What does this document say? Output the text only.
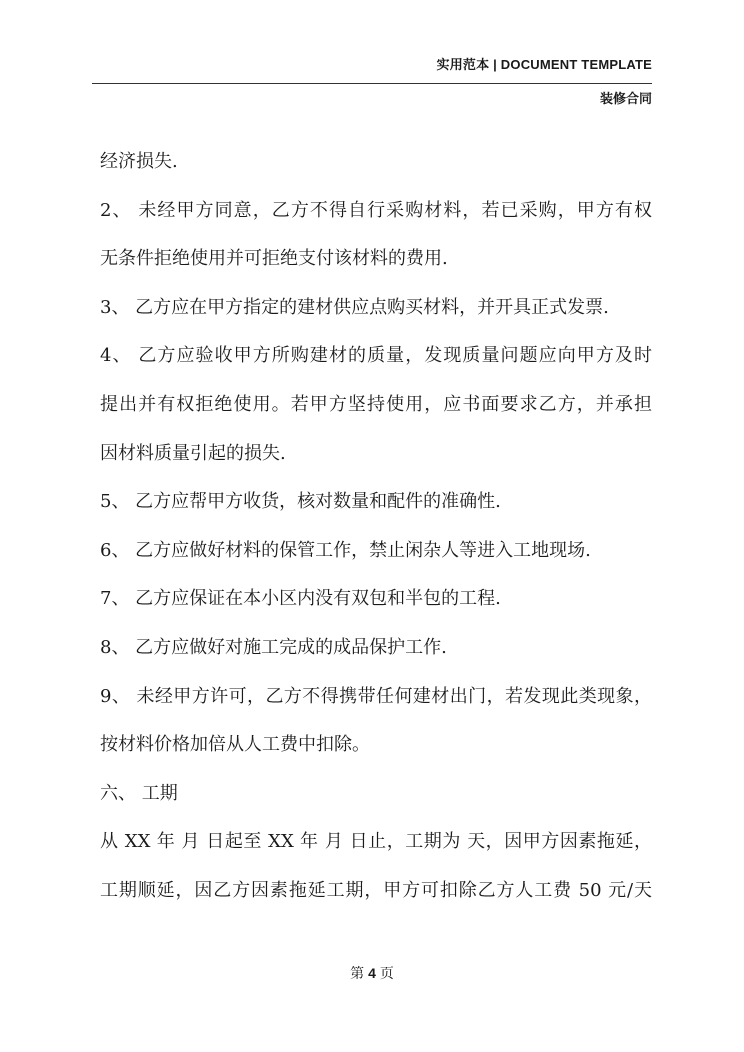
实用范本 | DOCUMENT TEMPLATE
装修合同
经济损失.
2、 未经甲方同意，乙方不得自行采购材料，若已采购，甲方有权
无条件拒绝使用并可拒绝支付该材料的费用.
3、 乙方应在甲方指定的建材供应点购买材料，并开具正式发票.
4、 乙方应验收甲方所购建材的质量，发现质量问题应向甲方及时
提出并有权拒绝使用。若甲方坚持使用，应书面要求乙方，并承担
因材料质量引起的损失.
5、 乙方应帮甲方收货，核对数量和配件的准确性.
6、 乙方应做好材料的保管工作，禁止闲杂人等进入工地现场.
7、 乙方应保证在本小区内没有双包和半包的工程.
8、 乙方应做好对施工完成的成品保护工作.
9、 未经甲方许可，乙方不得携带任何建材出门，若发现此类现象，
按材料价格加倍从人工费中扣除。
六、 工期
从 XX 年 月 日起至 XX 年 月 日止，工期为 天，因甲方因素拖延，
工期顺延，因乙方因素拖延工期，甲方可扣除乙方人工费 50 元/天
第 4 页
